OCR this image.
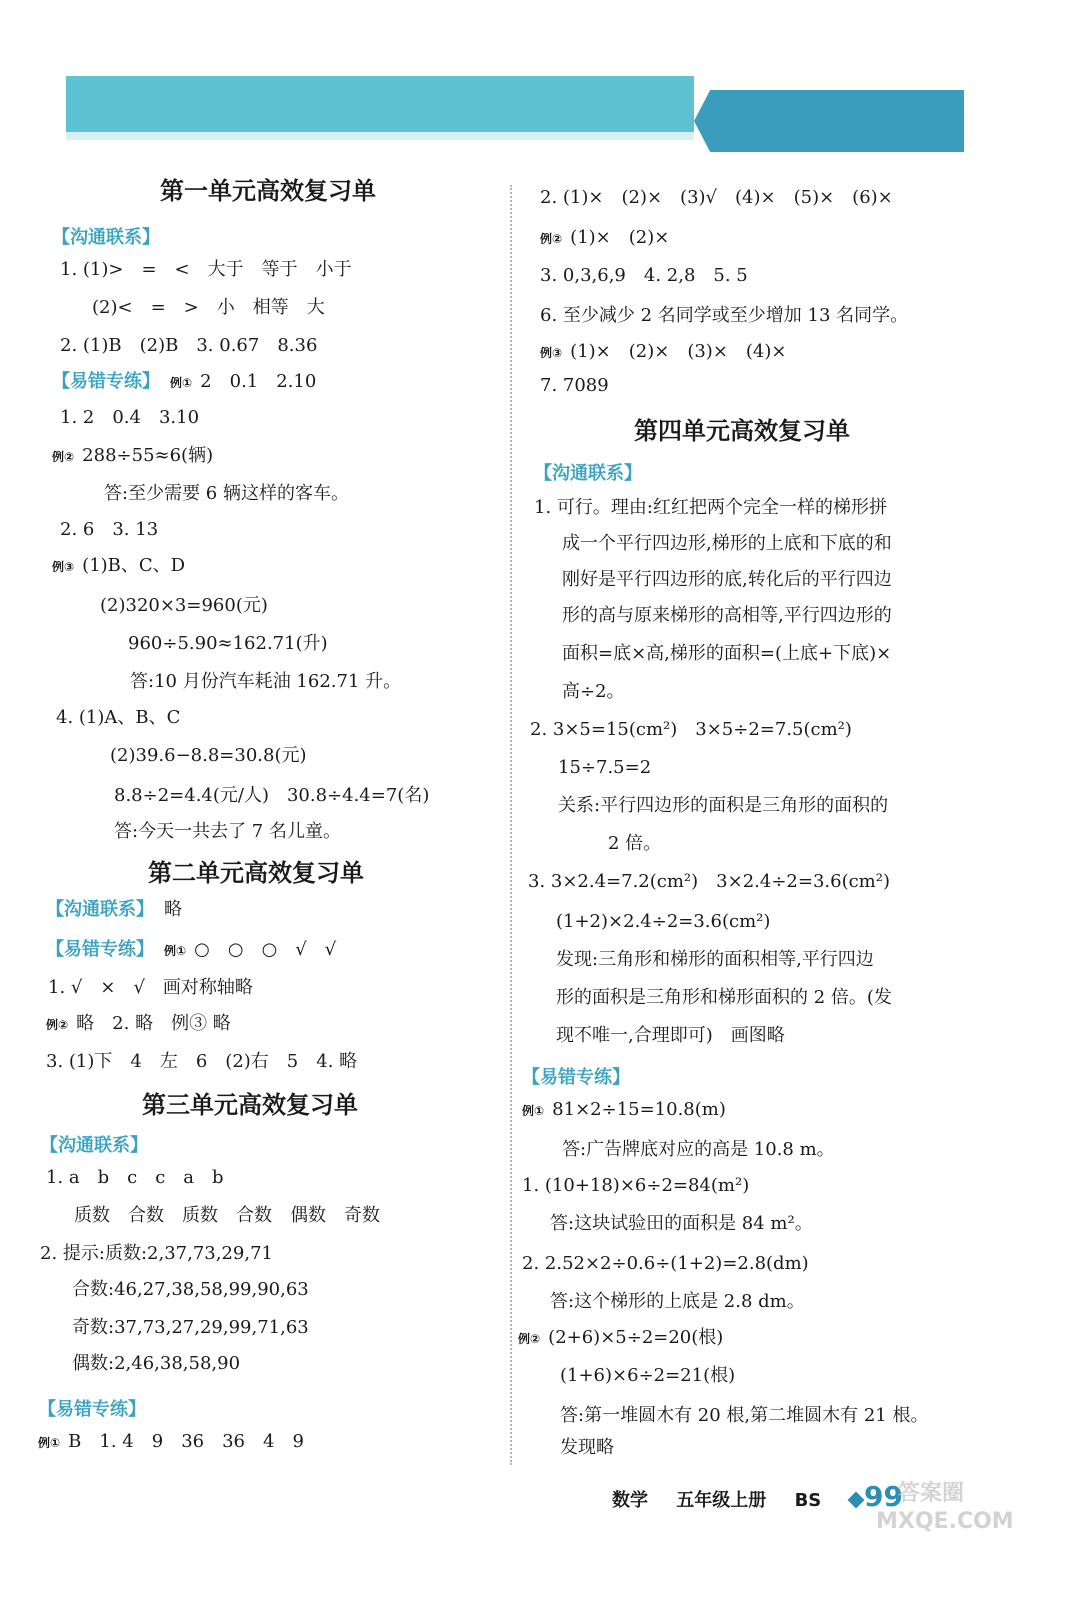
参考答案
第一单元高效复习单
【沟通联系】
1. (1)>　=　<　大于　等于　小于
(2)<　=　>　小　相等　大
2. (1)B　(2)B　3. 0.67　8.36
【易错专练】 例① 2　0.1　2.10
1. 2　0.4　3.10
例② 288÷55≈6(辆)
答:至少需要 6 辆这样的客车。
2. 6　3. 13
例③ (1)B、C、D
(2)320×3=960(元)
960÷5.90≈162.71(升)
答:10 月份汽车耗油 162.71 升。
4. (1)A、B、C
(2)39.6−8.8=30.8(元)
8.8÷2=4.4(元/人)　30.8÷4.4=7(名)
答:今天一共去了 7 名儿童。
第二单元高效复习单
【沟通联系】 略
【易错专练】 例① ○　○　○　√　√
1. √　×　√　画对称轴略
例② 略　2. 略　例③ 略
3. (1)下　4　左　6　(2)右　5　4. 略
第三单元高效复习单
【沟通联系】
1. a　b　c　c　a　b
质数　合数　质数　合数　偶数　奇数
2. 提示:质数:2,37,73,29,71
合数:46,27,38,58,99,90,63
奇数:37,73,27,29,99,71,63
偶数:2,46,38,58,90
【易错专练】
例① B　1. 4　9　36　36　4　9
2. (1)×　(2)×　(3)√　(4)×　(5)×　(6)×
例② (1)×　(2)×
3. 0,3,6,9　4. 2,8　5. 5
6. 至少减少 2 名同学或至少增加 13 名同学。
例③ (1)×　(2)×　(3)×　(4)×
7. 7089
第四单元高效复习单
【沟通联系】
1. 可行。理由:红红把两个完全一样的梯形拼
成一个平行四边形,梯形的上底和下底的和
刚好是平行四边形的底,转化后的平行四边
形的高与原来梯形的高相等,平行四边形的
面积=底×高,梯形的面积=(上底+下底)×
高÷2。
2. 3×5=15(cm²)　3×5÷2=7.5(cm²)
15÷7.5=2
关系:平行四边形的面积是三角形的面积的
2 倍。
3. 3×2.4=7.2(cm²)　3×2.4÷2=3.6(cm²)
(1+2)×2.4÷2=3.6(cm²)
发现:三角形和梯形的面积相等,平行四边
形的面积是三角形和梯形面积的 2 倍。(发
现不唯一,合理即可)　画图略
【易错专练】
例① 81×2÷15=10.8(m)
答:广告牌底对应的高是 10.8 m。
1. (10+18)×6÷2=84(m²)
答:这块试验田的面积是 84 m²。
2. 2.52×2÷0.6÷(1+2)=2.8(dm)
答:这个梯形的上底是 2.8 dm。
例② (2+6)×5÷2=20(根)
(1+6)×6÷2=21(根)
答:第一堆圆木有 20 根,第二堆圆木有 21 根。
发现略
数学 五年级上册 BS	99
答案圈 MXQE.COM
